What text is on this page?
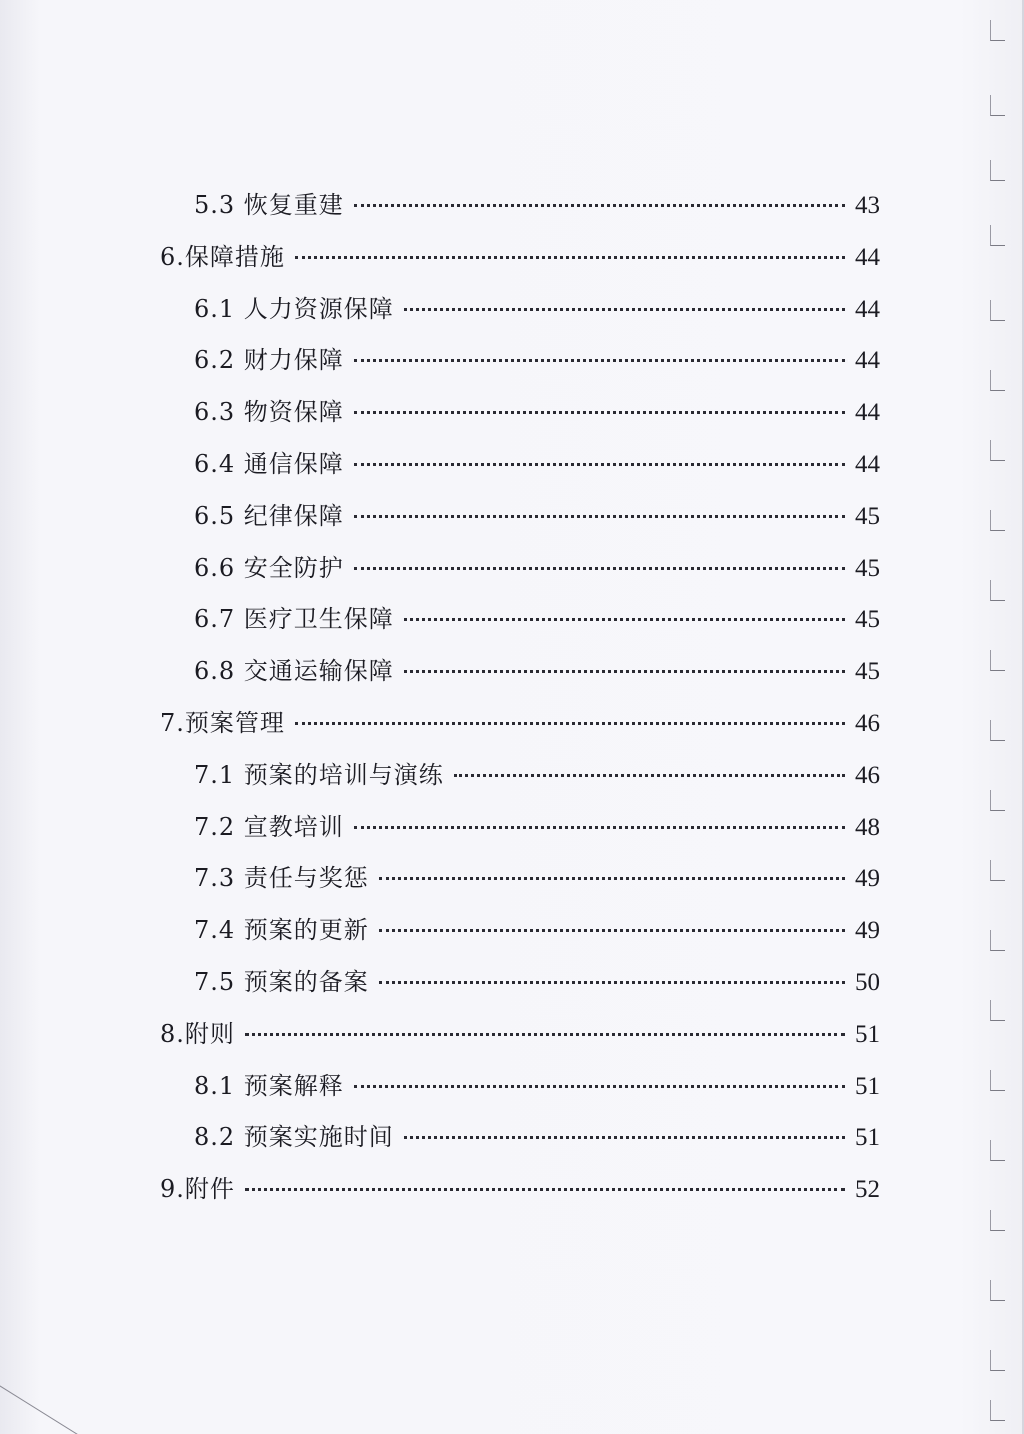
5.3 恢复重建	43
6.保障措施	44
6.1 人力资源保障	44
6.2 财力保障	44
6.3 物资保障	44
6.4 通信保障	44
6.5 纪律保障	45
6.6 安全防护	45
6.7 医疗卫生保障	45
6.8 交通运输保障	45
7.预案管理	46
7.1 预案的培训与演练	46
7.2 宣教培训	48
7.3 责任与奖惩	49
7.4 预案的更新	49
7.5 预案的备案	50
8.附则	51
8.1 预案解释	51
8.2 预案实施时间	51
9.附件	52
